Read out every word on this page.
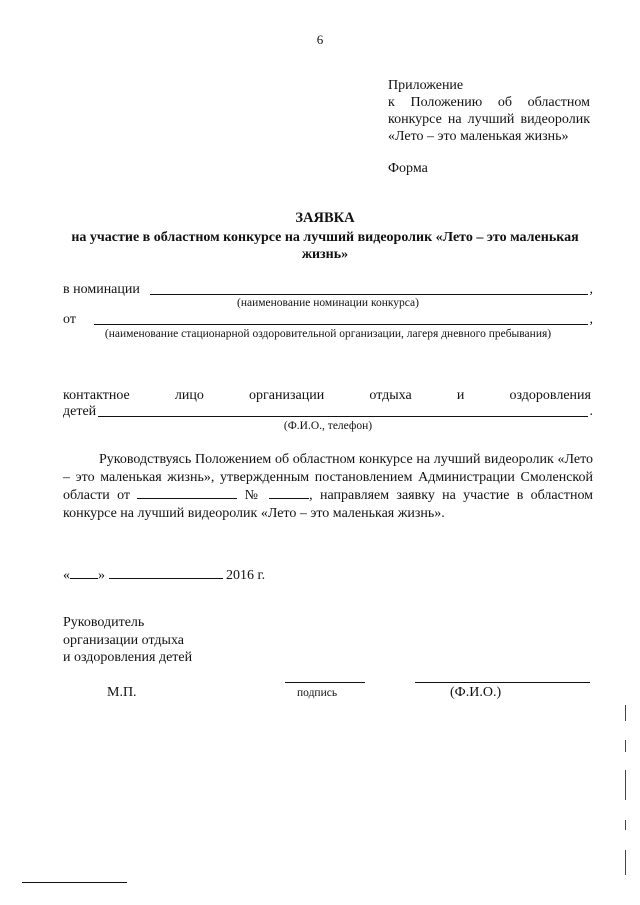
6
Приложение
к Положению об областном
конкурсе на лучший видеоролик
«Лето – это маленькая жизнь»
Форма
ЗАЯВКА
на участие в областном конкурсе на лучший видеоролик «Лето – это маленькая жизнь»
в номинации	,
(наименование номинации конкурса)
от	,
(наименование стационарной оздоровительной организации, лагеря дневного пребывания)
контактное	лицо	организации	отдыха	и	оздоровления
детей	.
(Ф.И.О., телефон)
Руководствуясь Положением об областном конкурсе на лучший видеоролик «Лето – это маленькая жизнь», утвержденным постановлением Администрации Смоленской области от	№	, направляем заявку на участие в областном конкурсе на лучший видеоролик «Лето – это маленькая жизнь».
« »	2016 г.
Руководитель
организации отдыха
и оздоровления детей
М.П.	подпись	(Ф.И.О.)
